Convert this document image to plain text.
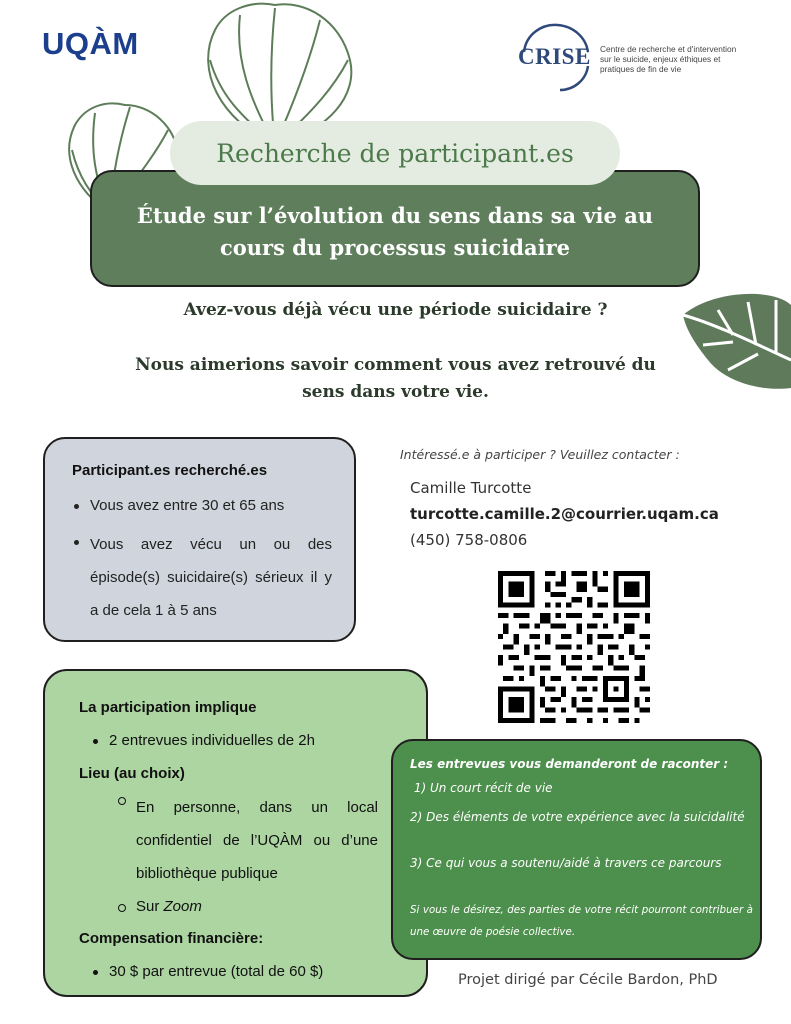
UQÀM	CRISE Centre de recherche et d'intervention
sur le suicide, enjeux éthiques et
pratiques de fin de vie
Étude sur l’évolution du sens dans sa vie au
cours du processus suicidaire
Recherche de participant.es
Avez-vous déjà vécu une période suicidaire ?
Nous aimerions savoir comment vous avez retrouvé du
sens dans votre vie.
Participant.es recherché.es
Vous avez entre 30 et 65 ans
Vous avez vécu un ou des épisode(s) suicidaire(s) sérieux il y a de cela 1 à 5 ans
Intéressé.e à participer ? Veuillez contacter :
Camille Turcotte
turcotte.camille.2@courrier.uqam.ca
(450) 758-0806
La participation implique
2 entrevues individuelles de 2h
Lieu (au choix)
En personne, dans un local confidentiel de l’UQÀM ou d’une bibliothèque publique
Sur Zoom
Compensation financière:
30 $ par entrevue (total de 60 $)
Les entrevues vous demanderont de raconter :
1) Un court récit de vie
2) Des éléments de votre expérience avec la suicidalité
3) Ce qui vous a soutenu/aidé à travers ce parcours
Si vous le désirez, des parties de votre récit pourront contribuer à une œuvre de poésie collective.
Projet dirigé par Cécile Bardon, PhD
